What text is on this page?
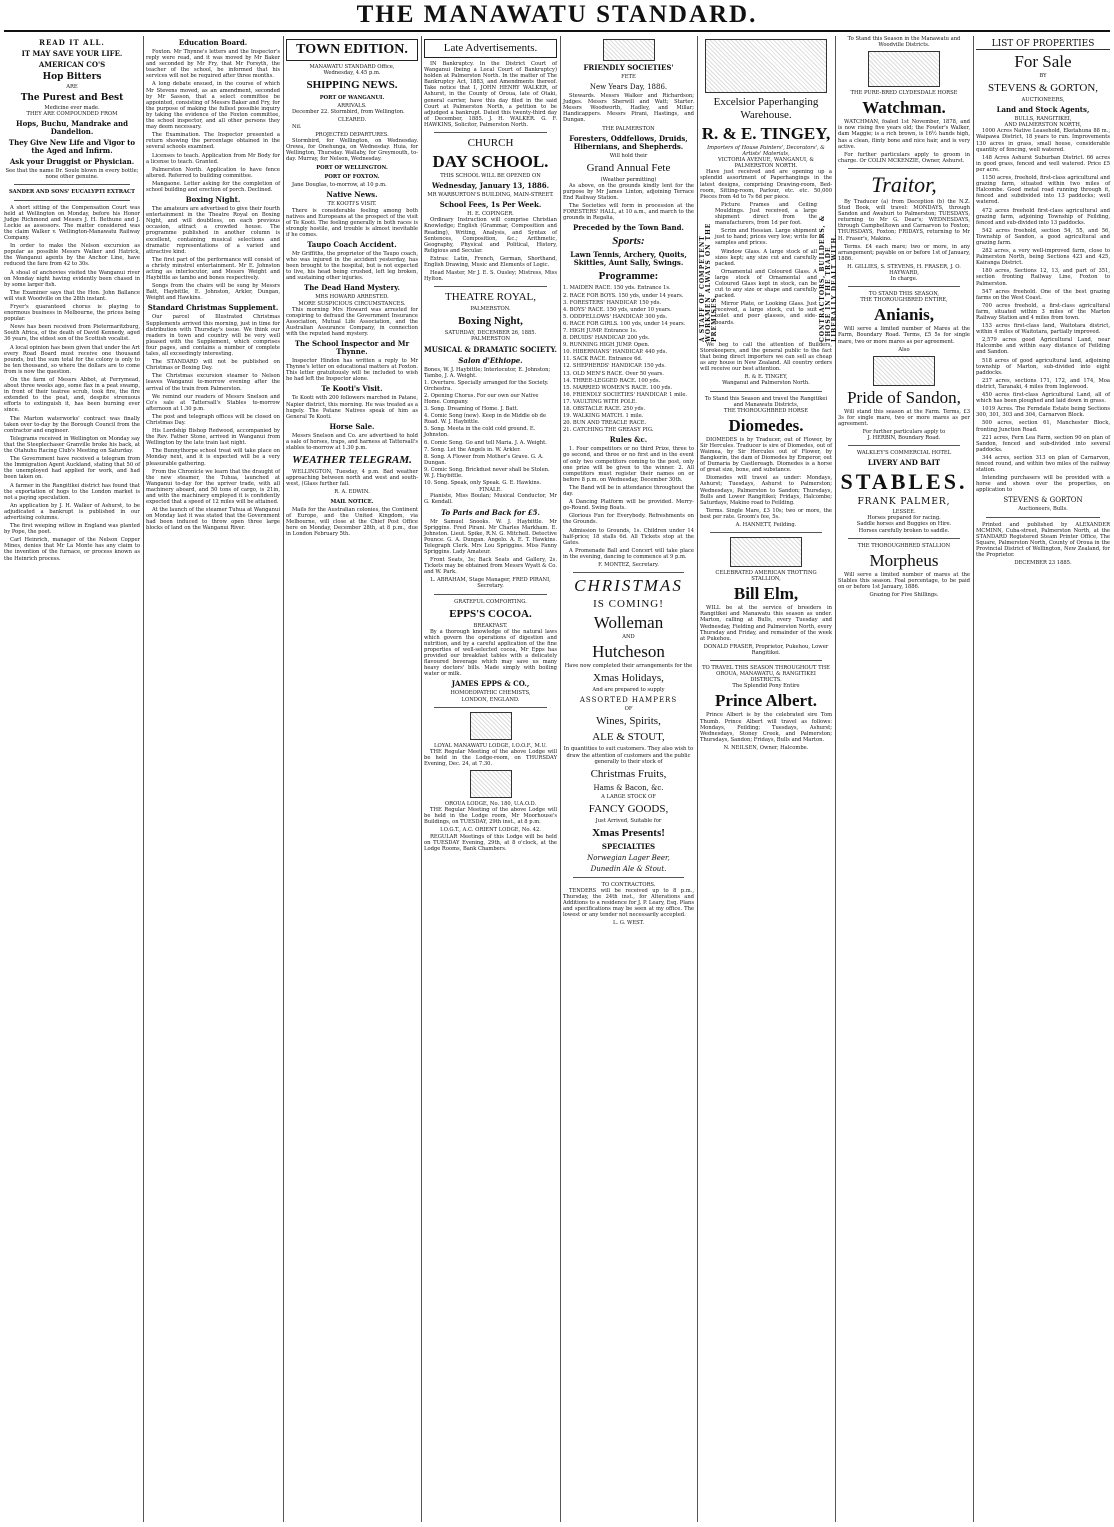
THE MANAWATU STANDARD.
READ IT ALL.
IT MAY SAVE YOUR LIFE.
AMERICAN CO'S
Hop Bitters
ARE
The Purest and Best
Medicine ever made.
THEY ARE COMPOUNDED FROM
Hops, Buchu, Mandrake and Dandelion.
They Give New Life and Vigor to the Aged and Infirm.
Ask your Druggist or Physician.
See that the name Dr. Soule blown in every bottle; none other genuine.
SANDER AND SONS' EUCALYPTI EXTRACT

A short sitting of the Compensation Court was held at Wellington on Monday, before his Honor Judge Richmond and Messrs J. H. Bethune and J. Lockie as assessors. The matter considered was the claim Walker v. Wellington-Manawatu Railway Company.

In order to make the Nelson excursion as popular as possible Messrs Walker and Hatrick, the Wanganui agents by the Anchor Line, have reduced the fare from 42 to 30s.

A shoal of anchovies visited the Wanganui river on Monday night having evidently been chased in by some larger fish.

The Examiner says that the Hon. John Ballance will visit Woodville on the 28th instant.

Fryer's quaranteed chorus is playing to enormous business in Melbourne, the prices being popular.

News has been received from Pietermaritzburg, South Africa, of the death of David Kennedy, aged 36 years, the eldest son of the Scottish vocalist.

A local opinion has been given that under the Art every Road Board must receive one thousand pounds, but the sum total for the colony is only to be ten thousand, so where the dollars are to come from is now the question.

On the farm of Messrs Abbot, at Ferrymead, about three weeks ago, some flax in a peat swamp, in front of their teatree scrub, took fire, the fire extended to the peat, and, despite strenuous efforts to extinguish it, has been burning ever since.

The Marton waterworks' contract was finally taken over to-day by the Borough Council from the contractor and engineer.

Telegrams received in Wellington on Monday say that the Steeplechaser Granville broke his back, at the Otahuhu Racing Club's Meeting on Saturday.

The Government have received a telegram from the Immigration Agent Auckland, stating that 50 of the unemployed had applied for work, and had been taken on.

A farmer in the Rangitikei district has found that the exportation of hogs to the London market is not a paying speculation.

An application by J. H. Walker of Ashurst, to be adjudicated a bankrupt is published in our advertising columns.

The first weeping willow in England was planted by Pope, the poet.

Carl Heinrich, manager of the Nelson Copper Mines, denies that Mr La Monte has any claim to the invention of the furnace, or process known as the Heinrich process.

Education Board.

Foxton. Mr Thynne's letters and the Inspector's reply were read, and it was moved by Mr Baker and seconded by Mr Fry, that Mr Forsyth, the teacher of the school, be informed that his services will not be required after three months.

A long debate ensued, in the course of which Mr Stevens moved, as an amendment, seconded by Mr Sasson, that a select committee be appointed, consisting of Messrs Baker and Fry, for the purpose of making the fullest possible inquiry by taking the evidence of the Foxton committee, the school inspector, and all other persons they may deem necessary.

The Examination. The Inspector presented a return showing the percentage obtained in the several schools examined.

Licenses to teach. Application from Mr Body for a license to teach. Granted.

Palmerston North. Application to have fence altered. Referred to building committee.

Mangaone. Letter asking for the completion of school building and erection of porch. Declined.

Boxing Night.

The amateurs are advertised to give their fourth entertainment in the Theatre Royal on Boxing Night, and will doubtless, on each previous occasion, attract a crowded house. The programme published in another column is excellent, containing musical selections and dramatic representations of a varied and attractive kind.

The first part of the performance will consist of a christy minstrel entertainment. Mr E. Johnston acting as interlocutor, and Messrs Weight and Haybittle as tambo and bones respectively.

Songs from the chairs will be sung by Messrs Batt, Haybittle, E. Johnston, Arkler, Dungan, Weight and Hawkins.

Standard Christmas Supplement.

Our parcel of Illustrated Christmas Supplements arrived this morning, just in time for distribution with Thursday's issue. We think our readers in town and country will be very well pleased with the Supplement, which comprises four pages, and contains a number of complete tales, all exceedingly interesting.

The STANDARD will not be published on Christmas or Boxing Day.

The Christmas excursion steamer to Nelson leaves Wanganui to-morrow evening after the arrival of the train from Palmerston.

We remind our readers of Messrs Snelson and Co's sale at Tattersall's Stables to-morrow afternoon at 1.30 p.m.

The post and telegraph offices will be closed on Christmas Day.

His Lordship Bishop Redwood, accompanied by the Rev. Father Stone, arrived in Wanganui from Wellington by the late train last night.

The Bunnythorpe school treat will take place on Monday next, and it is expected will be a very pleasurable gathering.

From the Chronicle we learn that the draught of the new steamer, the Tuhua, launched at Wanganui to-day for the upriver trade, with all machinery aboard, and 50 tons of cargo, is 21in, and with the machinery employed it is confidently expected that a speed of 12 miles will be attained.

At the launch of the steamer Tuhua at Wanganui on Monday last it was stated that the Government had been induced to throw open three large blocks of land on the Wanganui River.

TOWN EDITION.
MANAWATU STANDARD Office,
Wednesday, 4.45 p.m.
SHIPPING NEWS.
PORT OF WANGANUI.
ARRIVALS.

December 22. Stormbird, from Wellington.

CLEARED.

Nil.

PROJECTED DEPARTURES.

Stormbird, for Wellington, on Wednesday. Orewa, for Onehunga, on Wednesday. Huia, for Wellington, Thursday. Wallaby, for Greymouth, to-day. Murray, for Nelson, Wednesday.

PORT OF WELLINGTON.
PORT OF FOXTON.

Jane Douglas, to-morrow, at 10 p.m.

Native News.
TE KOOTI'S VISIT.

There is considerable feeling among both natives and Europeans at the prospect of the visit of Te Kooti. The feeling generally in both races is strongly hostile, and trouble is almost inevitable if he comes.

Taupo Coach Accident.

Mr Griffiths, the proprietor of the Taupo coach, who was injured in the accident yesterday, has been brought to the hospital, but is not expected to live, his head being crushed, left leg broken, and sustaining other injuries.

The Dead Hand Mystery.
MRS HOWARD ARRESTED.
MORE SUSPICIOUS CIRCUMSTANCES.

This morning Mrs Howard was arrested for conspiring to defraud the Government Insurance Association, Mutual Life Association, and the Australian Assurance Company, in connection with the reputed hand mystery.

The School Inspector and Mr Thynne.

Inspector Hindon has written a reply to Mr Thynne's letter on educational matters at Foxton. This letter gratuitously will be included to wish he had left the Inspector alone.

Te Kooti's Visit.

Te Kooti with 200 followers marched in Patane, Napier district, this morning. He was treated as a hugely. The Patane Natives speak of him as General Te Kooti.

Horse Sale.

Messrs Snelson and Co. are advertised to hold a sale of horses, traps, and harness at Tattersall's stables to-morrow at 1.30 p.m.

WEATHER TELEGRAM.

WELLINGTON, Tuesday, 4 p.m. Bad weather approaching between north and west and south-west, (Glass further fall.

R. A. EDWIN.
MAIL NOTICE.

Mails for the Australian colonies, the Continent of Europe, and the United Kingdom, via Melbourne, will close at the Chief Post Office here on Monday, December 28th, at 8 p.m., due in London February 5th.

Late Advertisements.

IN Bankruptcy. In the District Court of Wanganui (being a Local Court of Bankruptcy) holden at Palmerston North. In the matter of The Bankruptcy Act, 1883, and Amendments thereof. Take notice that I, JOHN HENRY WALKER, of Ashurst, in the County of Oroua, late of Otaki, general carrier, have this day filed in the said Court at Palmerston North, a petition to be adjudged a bankrupt. Dated this twenty-third day of December, 1885. J. H. WALKER. G. F. HAWKINS, Solicitor, Palmerston North.

CHURCH
DAY SCHOOL.
THIS SCHOOL WILL BE OPENED ON
Wednesday, January 13, 1886.
MR WARBURTON'S BUILDING, MAIN-STREET.
School Fees, 1s Per Week.
H. E. COPINGER.

Ordinary Instruction will comprise Christian Knowledge; English (Grammar, Composition and Reading), Writing, Analysis, and Syntax of Sentences, Composition, &c.; Arithmetic, Geography, Physical and Political, History, Religious and Secular.

Extras: Latin, French, German, Shorthand, English Drawing, Music and Elements of Logic.

Head Master, Mr J. E. S. Ousley; Mistress, Miss Hylton.

THEATRE ROYAL,
PALMERSTON.
Boxing Night,
SATURDAY, DECEMBER 26, 1885.
PALMERSTON
MUSICAL & DRAMATIC SOCIETY.
Salon d'Ethiope.
Bones, W. J. Haybittle; Interlocutor, E. Johnston; Tambo, J. A. Weight.
1. Overture. Specially arranged for the Society. Orchestra.
2. Opening Chorus. For our own our Native Home. Company.
3. Song. Dreaming of Home. J. Batt.
4. Comic Song (new). Keep in de Middle ob de Road. W. J. Haybittle.
5. Song. Meeta in the cold cold ground. E. Johnston.
6. Comic Song. Go and tell Maria. J. A. Weight.
7. Song. Let the Angels in. W. Arkler.
8. Song. A Flower from Mother's Grave. G. A. Dungan.
9. Comic Song. Brickdust never shall be Stolen. W. J. Haybittle.
10. Song. Speak, only Speak. G. E. Hawkins.
FINALE.

Pianiste, Miss Boulan; Musical Conductor, Mr G. Kendall.

To Paris and Back for £5.

Mr Samuel Snooks. W. J. Haybittle. Mr Spriggins. Fred Pirani. Mr Charles Markham. E. Johnston. Lieut. Spike, R.N. G. Mitchell. Detective Pounce. G. A. Dungan. Angelo. A. E. T. Hawkins. Telegraph Clerk. Mrs Lou Spriggins. Miss Fanny Spriggins. Lady Amateur.

Front Seats, 3s; Back Seats and Gallery, 2s. Tickets may be obtained from Messrs Wyatt & Co. and W. Park.

L. ABRAHAM, Stage Manager, FRED PIRANI, Secretary.
GRATEFUL COMFORTING.
EPPS'S COCOA.
BREAKFAST.

By a thorough knowledge of the natural laws which govern the operations of digestion and nutrition, and by a careful application of the fine properties of well-selected cocoa, Mr Epps has provided our breakfast tables with a delicately flavoured beverage which may save us many heavy doctors' bills. Made simply with boiling water or milk.

JAMES EPPS & CO.,
HOMOEOPATHIC CHEMISTS,
LONDON, ENGLAND.
LOYAL MANAWATU LODGE, I.O.O.F., M.U.

THE Regular Meeting of the above Lodge will be held in the Lodge-room, on THURSDAY Evening, Dec. 24, at 7.30.

OROUA LODGE, No. 180, U.A.O.D.

THE Regular Meeting of the above Lodge will be held in the Lodge room, Mr Moorhouse's Buildings, on TUESDAY, 29th inst., at 8 p.m.

I.O.G.T., A.C. ORIENT LODGE, No. 42.

REGULAR Meetings of this Lodge will be held on TUESDAY Evening, 29th, at 8 o'clock, at the Lodge Rooms, Bank Chambers.

FRIENDLY SOCIETIES'
FETE
New Years Day, 1886.

Stewards. Messrs Walker and Richardson; Judges. Messrs Sherwill and Watt; Starter. Messrs Woodworth, Hadley, and Millar; Handicappers. Messrs Pirani, Hastings, and Dungan.

THE PALMERSTON
Foresters, Oddfellows, Druids, Hibernians, and Shepherds.
Will hold their
Grand Annual Fete
(Weather permitting)

As above, on the grounds kindly lent for the purpose by Mr James Linton, adjoining Terrace End Railway Station.

The Societies will form in procession at the FORESTERS' HALL, at 10 a.m., and march to the grounds in Regalia,

Preceded by the Town Band.
Sports:
Lawn Tennis, Archery, Quoits, Skittles, Aunt Sally, Swings.
Programme:
1. MAIDEN RACE. 150 yds. Entrance 1s.
2. RACE FOR BOYS. 150 yds, under 14 years.
3. FORESTERS' HANDICAP. 150 yds.
4. BOYS' RACE. 150 yds, under 10 years.
5. ODDFELLOWS' HANDICAP. 300 yds.
6. RACE FOR GIRLS. 100 yds, under 14 years.
7. HIGH JUMP. Entrance 1s.
8. DRUIDS' HANDICAP. 200 yds.
9. RUNNING HIGH JUMP. Open.
10. HIBERNIANS' HANDICAP. 440 yds.
11. SACK RACE. Entrance 6d.
12. SHEPHERDS' HANDICAP. 150 yds.
13. OLD MEN'S RACE. Over 50 years.
14. THREE-LEGGED RACE. 100 yds.
15. MARRIED WOMEN'S RACE. 100 yds.
16. FRIENDLY SOCIETIES' HANDICAP. 1 mile.
17. VAULTING WITH POLE.
18. OBSTACLE RACE. 250 yds.
19. WALKING MATCH. 1 mile.
20. BUN AND TREACLE RACE.
21. CATCHING THE GREASY PIG.
Rules &c.

1. Four competitors or no third Prize, three to go second, and three or no first and in the event of only two competitors coming to the post, only one prize will be given to the winner. 2. All competitors must register their names on or before 8 p.m. on Wednesday, December 30th.

The Band will be in attendance throughout the day.

A Dancing Platform will be provided. Merry-go-Round. Swing Boats.

Glorious Fun for Everybody. Refreshments on the Grounds.

Admission to Grounds, 1s. Children under 14 half-price; 18 stalls 6d. All Tickets stop at the Gates.

A Promenade Ball and Concert will take place in the evening, dancing to commence at 9 p.m.

F. MONTEZ, Secretary.
CHRISTMAS
IS COMING!
Wolleman
AND
Hutcheson
Have now completed their arrangements for the
Xmas Holidays,
And are prepared to supply
ASSORTED HAMPERS
OF
Wines, Spirits,
ALE & STOUT,

In quantities to suit customers. They also wish to draw the attention of customers and the public generally to their stock of

Christmas Fruits,
Hams & Bacon, &c.
A LARGE STOCK OF
FANCY GOODS,
Just Arrived, Suitable for
Xmas Presents!
SPECIALTIES
Norwegian Lager Beer,
Dunedin Ale & Stout.
TO CONTRACTORS.

TENDERS will be received up to 8 p.m., Thursday, the 24th inst., for Alterations and Additions to a residence for J. P. Leary, Esq. Plans and specifications may be seen at my office. The lowest or any tender not necessarily accepted.

L. G. WEST.
Excelsior Paperhanging Warehouse.
R. & E. TINGEY,
Importers of House Painters', Decorators', & Artists' Materials,
VICTORIA AVENUE, WANGANUI, & PALMERSTON NORTH.

Have just received and are opening up a splendid assortment of Paperhangings in the latest designs, comprising Drawing-room, Bed-room, Sitting-room, Parlour, etc. etc. 50,000 Pieces from 4d to 7s 6d per piece.

A STAFF OF COMPETENT WORKMEN ALWAYS ON THE PREMISES.

Picture Frames and Ceiling Mouldings. Just received, a large shipment direct from the manufacturers, from 1d per foot.

Scrim and Hessian. Large shipment just to hand; prices very low; write for samples and prices.

Window Glass. A large stock of all sizes kept; any size cut and carefully packed.

Ornamental and Coloured Glass. A large stock of Ornamental and Coloured Glass kept in stock, can be cut to any size or shape and carefully packed.

Mirror Plate, or Looking Glass. Just received, a large stock, cut to suit toilet and peer glasses, and side-boards.	CONTRACTORS, BUILDERS, & THOSE IN THE TRADE LIBERALLY DEALT WITH.

We beg to call the attention of Builders, Storekeepers, and the general public to the fact that being direct importers we can sell as cheap as any house in New Zealand. All country orders will receive our best attention.

R. & E. TINGEY,
Wanganui and Palmerston North.
To Stand this Season and travel the Rangitikei and Manawatu Districts,
THE THOROUGHBRED HORSE
Diomedes.

DIOMEDES is by Traducer, out of Flower, by Sir Hercules. Traducer is sire of Diomedes, out of Waimea, by Sir Hercules out of Flower, by Bangkerin, the dam of Diomedes by Emperor, out of Dumaria by Castlereagh. Diomedes is a horse of great size, bone, and substance.

Diomedes will travel as under: Mondays, Ashurst; Tuesdays, Ashurst to Palmerston; Wednesdays, Palmerston to Sandon; Thursdays, Bulls and Lower Rangitikei; Fridays, Halcombe; Saturdays, Makino road to Feilding.

Terms. Single Mare, £3 10s; two or more, the best per rate. Groom's fee, 5s.

A. HANNETT, Feilding.
CELEBRATED AMERICAN TROTTING STALLION,
Bill Elm,

WILL be at the service of breeders in Rangitikei and Manawatu this season as under. Marton, calling at Bulls, every Tuesday and Wednesday, Fielding and Palmerston North, every Thursday and Friday, and remainder of the week at Pukehou.

DONALD FRASER, Proprietor, Pukehou, Lower Rangitikei.
TO TRAVEL THIS SEASON THROUGHOUT THE OROUA, MANAWATU, & RANGITIKEI DISTRICTS.
The Splendid Pony Entire
Prince Albert.

Prince Albert is by the celebrated sire Tom Thumb. Prince Albert will travel as follows: Mondays, Feilding; Tuesdays, Ashurst; Wednesdays, Stoney Creek, and Palmerston; Thursdays, Sandon; Fridays, Bulls and Marton.

N. NEILSEN, Owner, Halcombe.
To Stand this Season in the Manawatu and Woodville Districts.
THE PURE-BRED CLYDESDALE HORSE
Watchman.

WATCHMAN, foaled 1st November, 1878, and is now rising five years old; the Fowler's Walker, dam Maggie; is a rich brown, is 16½ hands high, has a clean, flinty bone and nice hair, and is very active.

For further particulars apply to groom in charge. Or COLIN MCKENZIE, Owner, Ashurst.

Traitor,

By Traducer (a) from Deception (b) the N.Z. Stud Book, will travel: MONDAYS, through Sandon and Awahuri to Palmerston; TUESDAYS, returning to Mr G. Dear's; WEDNESDAYS, through Campbelltown and Carnarvon to Foxton; THURSDAYS, Foxton; FRIDAYS, returning to Mr H. Fraser's, Makino.

Terms. £4 each mare; two or more, in any arrangement; payable on or before 1st of January, 1886.

H. GILLIES, S. STEVENS, H. FRASER, J. O. HAYWARD,
In charge.
TO STAND THIS SEASON,
THE THOROUGHBRED ENTIRE,
Anianis,

Will serve a limited number of Mares at the Farm, Boundary Road. Terms, £5 5s for single mare, two or more mares as per agreement.

Also
Pride of Sandon,

Will stand this season at the Farm. Terms, £3 3s for single mare, two or more mares as per agreement.

For further particulars apply to
J. HERBIN, Boundary Road.
WALKLEY'S COMMERCIAL HOTEL
LIVERY AND BAIT
STABLES.
FRANK PALMER,
LESSEE.
Horses prepared for racing.
Saddle horses and Buggies on Hire.
Horses carefully broken to saddle.
THE THOROUGHBRED STALLION
Morpheus

Will serve a limited number of mares at the Stables this season. Foal percentage, to be paid on or before 1st January, 1886.

Grazing for Five Shillings.
LIST OF PROPERTIES
For Sale
BY
STEVENS & GORTON,
AUCTIONEERS,
Land and Stock Agents,
BULLS, RANGITIKEI,
AND PALMERSTON NORTH,

1000 Acres Native Leasehold, Eketahuna 88 m., Waipawa District, 18 years to run. Improvements 130 acres in grass, small house, considerable quantity of fencing, well watered.

148 Acres Ashurst Suburban District. 66 acres in good grass, fenced and well watered. Price £5 per acre.

1150 acres, freehold, first-class agricultural and grazing farm, situated within two miles of Halcombe. Good metal road running through it, fenced and subdivided into 13 paddocks; well watered.

472 acres freehold first-class agricultural and grazing farm, adjoining Township of Feilding, fenced and sub-divided into 13 paddocks.

542 acres freehold, section 54, 55, and 56, Township of Sandon, a good agricultural and grazing farm.

282 acres, a very well-improved farm, close to Palmerston North, being Sections 423 and 425, Kairanga District.

180 acres, Sections 12, 13, and part of 351, section fronting Railway Line, Foxton to Palmerston.

547 acres freehold. One of the best grazing farms on the West Coast.

700 acres freehold, a first-class agricultural farm, situated within 3 miles of the Marton Railway Station and 4 miles from town.

153 acres first-class land, Waitotara district, within 4 miles of Waitotara, partially improved.

2,579 acres good Agricultural Land, near Halcombe and within easy distance of Feilding and Sandon.

518 acres of good agricultural land, adjoining township of Marton, sub-divided into eight paddocks.

237 acres, sections 171, 172, and 174, Moa district, Taranaki, 4 miles from Inglewood.

450 acres first-class Agricultural Land, all of which has been ploughed and laid down in grass.

1019 Acres. The Ferndale Estate being Sections 300, 301, 303 and 304, Carnarvon Block.

500 acres, section 61, Manchester Block, fronting Junction Road.

221 acres, Fern Lea Farm, section 90 on plan of Sandon, fenced and sub-divided into several paddocks.

344 acres, section 313 on plan of Carnarvon, fenced round, and within two miles of the railway station.

Intending purchasers will be provided with a horse and shown over the properties, on application to

STEVENS & GORTON
Auctioneers, Bulls.

Printed and published by ALEXANDER MCMINN, Cuba-street, Palmerston North, at the STANDARD Registered Steam Printer Office, The Square, Palmerston North, County of Oroua in the Provincial District of Wellington, New Zealand, for the Proprietor.

DECEMBER 23 1885.
